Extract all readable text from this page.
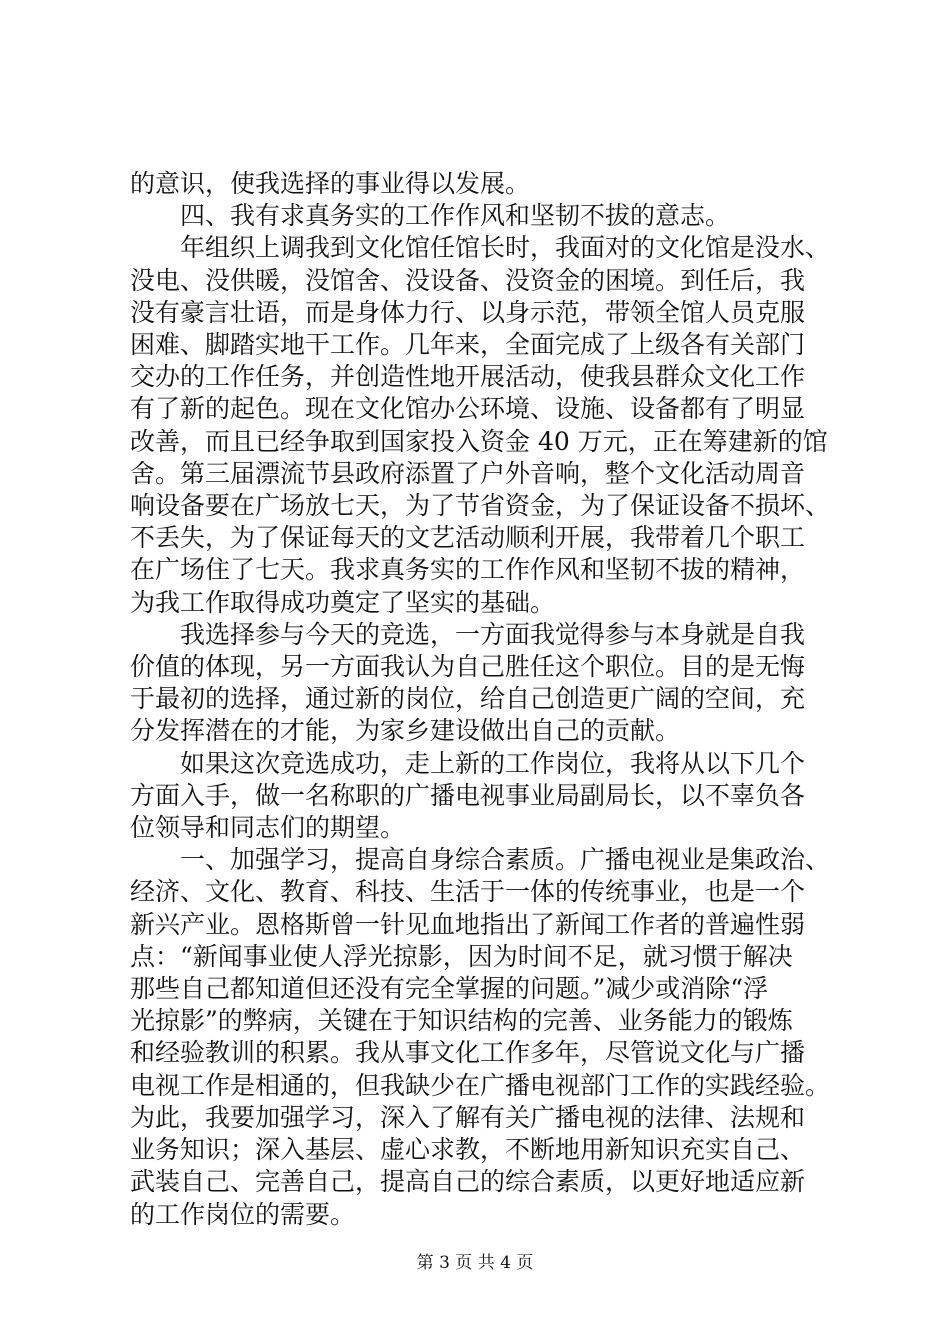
的意识，使我选择的事业得以发展。
四、我有求真务实的工作作风和坚韧不拔的意志。
年组织上调我到文化馆任馆长时，我面对的文化馆是没水、
没电、没供暖，没馆舍、没设备、没资金的困境。到任后，我
没有豪言壮语，而是身体力行、以身示范，带领全馆人员克服
困难、脚踏实地干工作。几年来，全面完成了上级各有关部门
交办的工作任务，并创造性地开展活动，使我县群众文化工作
有了新的起色。现在文化馆办公环境、设施、设备都有了明显
改善，而且已经争取到国家投入资金 40 万元，正在筹建新的馆
舍。第三届漂流节县政府添置了户外音响，整个文化活动周音
响设备要在广场放七天，为了节省资金，为了保证设备不损坏、
不丢失，为了保证每天的文艺活动顺利开展，我带着几个职工
在广场住了七天。我求真务实的工作作风和坚韧不拔的精神，
为我工作取得成功奠定了坚实的基础。
我选择参与今天的竞选，一方面我觉得参与本身就是自我
价值的体现，另一方面我认为自己胜任这个职位。目的是无悔
于最初的选择，通过新的岗位，给自己创造更广阔的空间，充
分发挥潜在的才能，为家乡建设做出自己的贡献。
如果这次竞选成功，走上新的工作岗位，我将从以下几个
方面入手，做一名称职的广播电视事业局副局长，以不辜负各
位领导和同志们的期望。
一、加强学习，提高自身综合素质。广播电视业是集政治、
经济、文化、教育、科技、生活于一体的传统事业，也是一个
新兴产业。恩格斯曾一针见血地指出了新闻工作者的普遍性弱
点：“新闻事业使人浮光掠影，因为时间不足，就习惯于解决
那些自己都知道但还没有完全掌握的问题。”减少或消除“浮
光掠影”的弊病，关键在于知识结构的完善、业务能力的锻炼
和经验教训的积累。我从事文化工作多年，尽管说文化与广播
电视工作是相通的，但我缺少在广播电视部门工作的实践经验。
为此，我要加强学习，深入了解有关广播电视的法律、法规和
业务知识；深入基层、虚心求教，不断地用新知识充实自己、
武装自己、完善自己，提高自己的综合素质，以更好地适应新
的工作岗位的需要。
第 3 页 共 4 页
